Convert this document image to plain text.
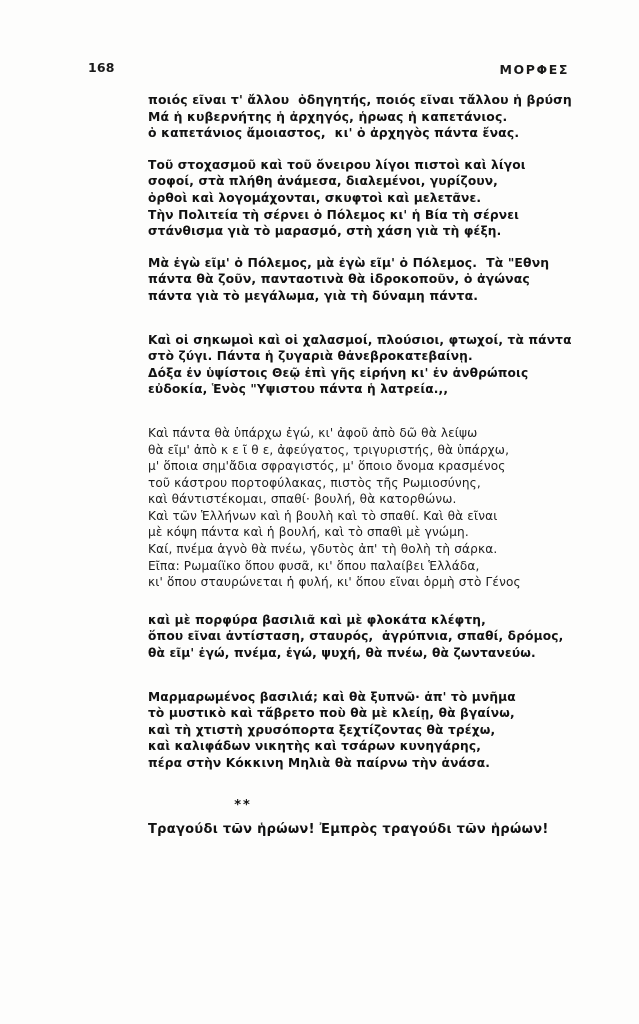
168	ΜΟΡΦΕΣ
ποιός εῖναι τ' ἄλλου  ὁδηγητής, ποιός εῖναι τἄλλου ἡ βρύση
Μά ἡ κυβερνήτης ἡ ἀρχηγός, ἡρωας ἡ καπετάνιος.
ὁ καπετάνιος ἄμοιαστος,  κι' ὁ ἀρχηγὸς πάντα ἔνας.
Τοῦ στοχασμοῦ καὶ τοῦ ὄνειρου λίγοι πιστοὶ καὶ λίγοι
σοφοί, στὰ πλήθη ἀνάμεσα, διαλεμένοι, γυρίζουν,
ὁρθοὶ καὶ λογομάχονται, σκυφτοὶ καὶ μελετᾶνε.
Τὴν Πολιτεία τὴ σέρνει ὁ Πόλεμος κι' ἡ Βία τὴ σέρνει
στάνθισμα γιὰ τὸ μαρασμό, στὴ χάση γιὰ τὴ φέξη.
Μὰ ἐγὼ εῖμ' ὁ Πόλεμος, μὰ ἐγὼ εῖμ' ὁ Πόλεμος.  Τὰ "Εθνη
πάντα θὰ ζοῦν, πανταοτινὰ θὰ ἱδροκοποῦν, ὁ ἀγώνας
πάντα γιὰ τὸ μεγάλωμα, γιὰ τὴ δύναμη πάντα.
Καὶ οἱ σηκωμοὶ καὶ οἱ χαλασμοί, πλούσιοι, φτωχοί, τὰ πάντα
στὸ ζύγι. Πάντα ἡ ζυγαριὰ θἀνεβροκατεβαίνῃ.
Δόξα ἐν ὑψίστοις Θεῷ ἐπὶ γῆς εἰρήνη κι' ἐν ἀνθρώποις
εὐδοκία, Ἑνὸς "Υψιστου πάντα ἡ λατρεία.,,
Καὶ πάντα θὰ ὑπάρχω ἐγώ, κι' ἀφοῦ ἀπὸ δῶ θὰ λείψω
θὰ εῖμ' ἀπὸ κ ε ῖ θ ε, ἀφεύγατος, τριγυριστής, θὰ ὑπάρχω,
μ' ὅποια σημ'ἄδια σφραγιστός, μ' ὅποιο ὄνομα κρασμένος
τοῦ κάστρου πορτοφύλακας, πιστὸς τῆς Ρωμιοσύνης,
καὶ θάντιστέκομαι, σπαθί· βουλή, θὰ κατορθώνω.
Καὶ τῶν Ἑλλήνων καὶ ἡ βουλὴ καὶ τὸ σπαθί. Καὶ θὰ εῖναι
μὲ κόψη πάντα καὶ ἡ βουλή, καὶ τὸ σπαθὶ μὲ γνώμη.
Καί, πνέμα ἁγνὸ θὰ πνέω, γδυτὸς ἀπ' τὴ θολὴ τὴ σάρκα.
Εῖπα: Ρωμαίϊκο ὅπου φυσᾶ, κι' ὅπου παλαίβει Ἑλλάδα,
κι' ὅπου σταυρώνεται ἡ φυλή, κι' ὅπου εῖναι ὁρμὴ στὸ Γένος
καὶ μὲ πορφύρα βασιλιᾶ καὶ μὲ φλοκάτα κλέφτη,
ὅπου εῖναι ἀντίσταση, σταυρός,  ἀγρύπνια, σπαθί, δρόμος,
θὰ εῖμ' ἐγώ, πνέμα, ἐγώ, ψυχή, θὰ πνέω, θὰ ζωντανεύω.
Μαρμαρωμένος βασιλιά; καὶ θὰ ξυπνῶ· ἀπ' τὸ μνῆμα
τὸ μυστικὸ καὶ τἄβρετο ποὺ θὰ μὲ κλείῃ, θὰ βγαίνω,
καὶ τὴ χτιστὴ χρυσόπορτα ξεχτίζοντας θὰ τρέχω,
καὶ καλιφάδων νικητὴς καὶ τσάρων κυνηγάρης,
πέρα στὴν Κόκκινη Μηλιὰ θὰ παίρνω τὴν ἀνάσα.
**
Τραγούδι τῶν ἡρώων! Ἐμπρὸς τραγούδι τῶν ἡρώων!
